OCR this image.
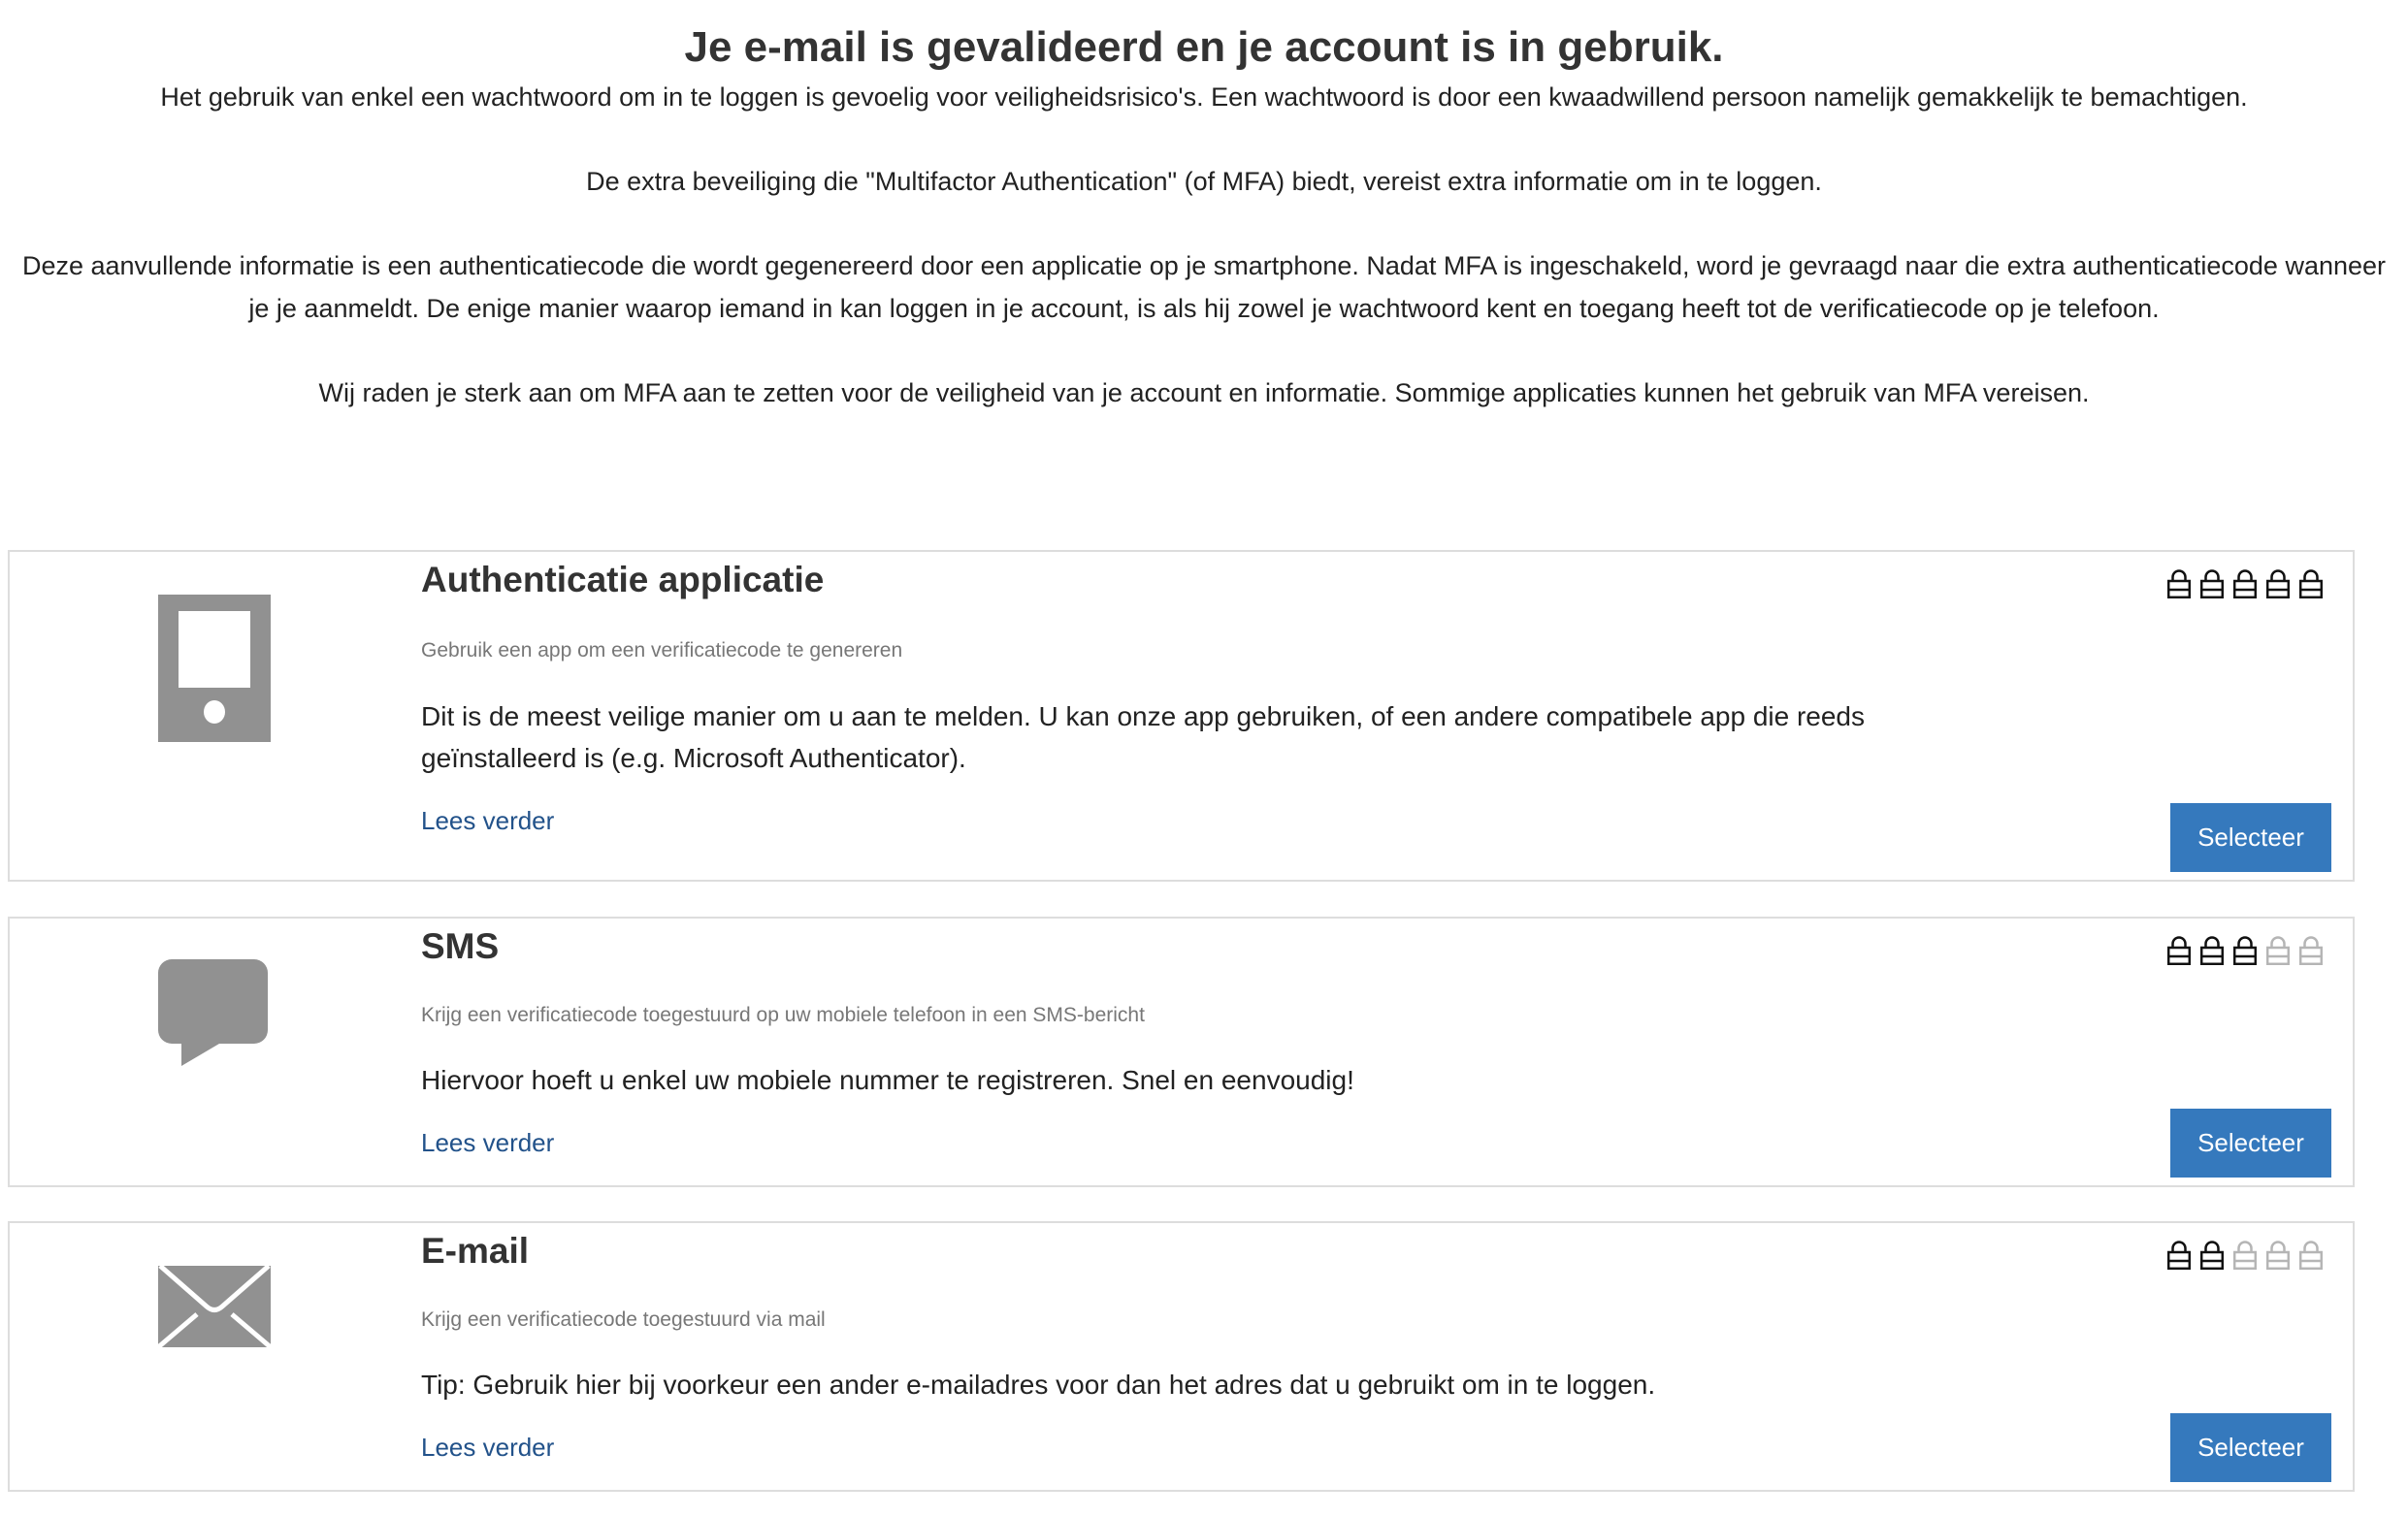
Je e-mail is gevalideerd en je account is in gebruik.

Het gebruik van enkel een wachtwoord om in te loggen is gevoelig voor veiligheidsrisico's. Een wachtwoord is door een kwaadwillend persoon namelijk gemakkelijk te bemachtigen.

De extra beveiliging die "Multifactor Authentication" (of MFA) biedt, vereist extra informatie om in te loggen.

Deze aanvullende informatie is een authenticatiecode die wordt gegenereerd door een applicatie op je smartphone. Nadat MFA is ingeschakeld, word je gevraagd naar die extra authenticatiecode wanneer je je aanmeldt. De enige manier waarop iemand in kan loggen in je account, is als hij zowel je wachtwoord kent en toegang heeft tot de verificatiecode op je telefoon.

Wij raden je sterk aan om MFA aan te zetten voor de veiligheid van je account en informatie. Sommige applicaties kunnen het gebruik van MFA vereisen.

Authenticatie applicatie
Gebruik een app om een verificatiecode te genereren
Dit is de meest veilige manier om u aan te melden. U kan onze app gebruiken, of een andere compatibele app die reeds geïnstalleerd is (e.g. Microsoft Authenticator).
Lees verder
Selecteer
SMS
Krijg een verificatiecode toegestuurd op uw mobiele telefoon in een SMS-bericht
Hiervoor hoeft u enkel uw mobiele nummer te registreren. Snel en eenvoudig!
Lees verder	Selecteer
E-mail
Krijg een verificatiecode toegestuurd via mail
Tip: Gebruik hier bij voorkeur een ander e-mailadres voor dan het adres dat u gebruikt om in te loggen.
Lees verder	Selecteer
